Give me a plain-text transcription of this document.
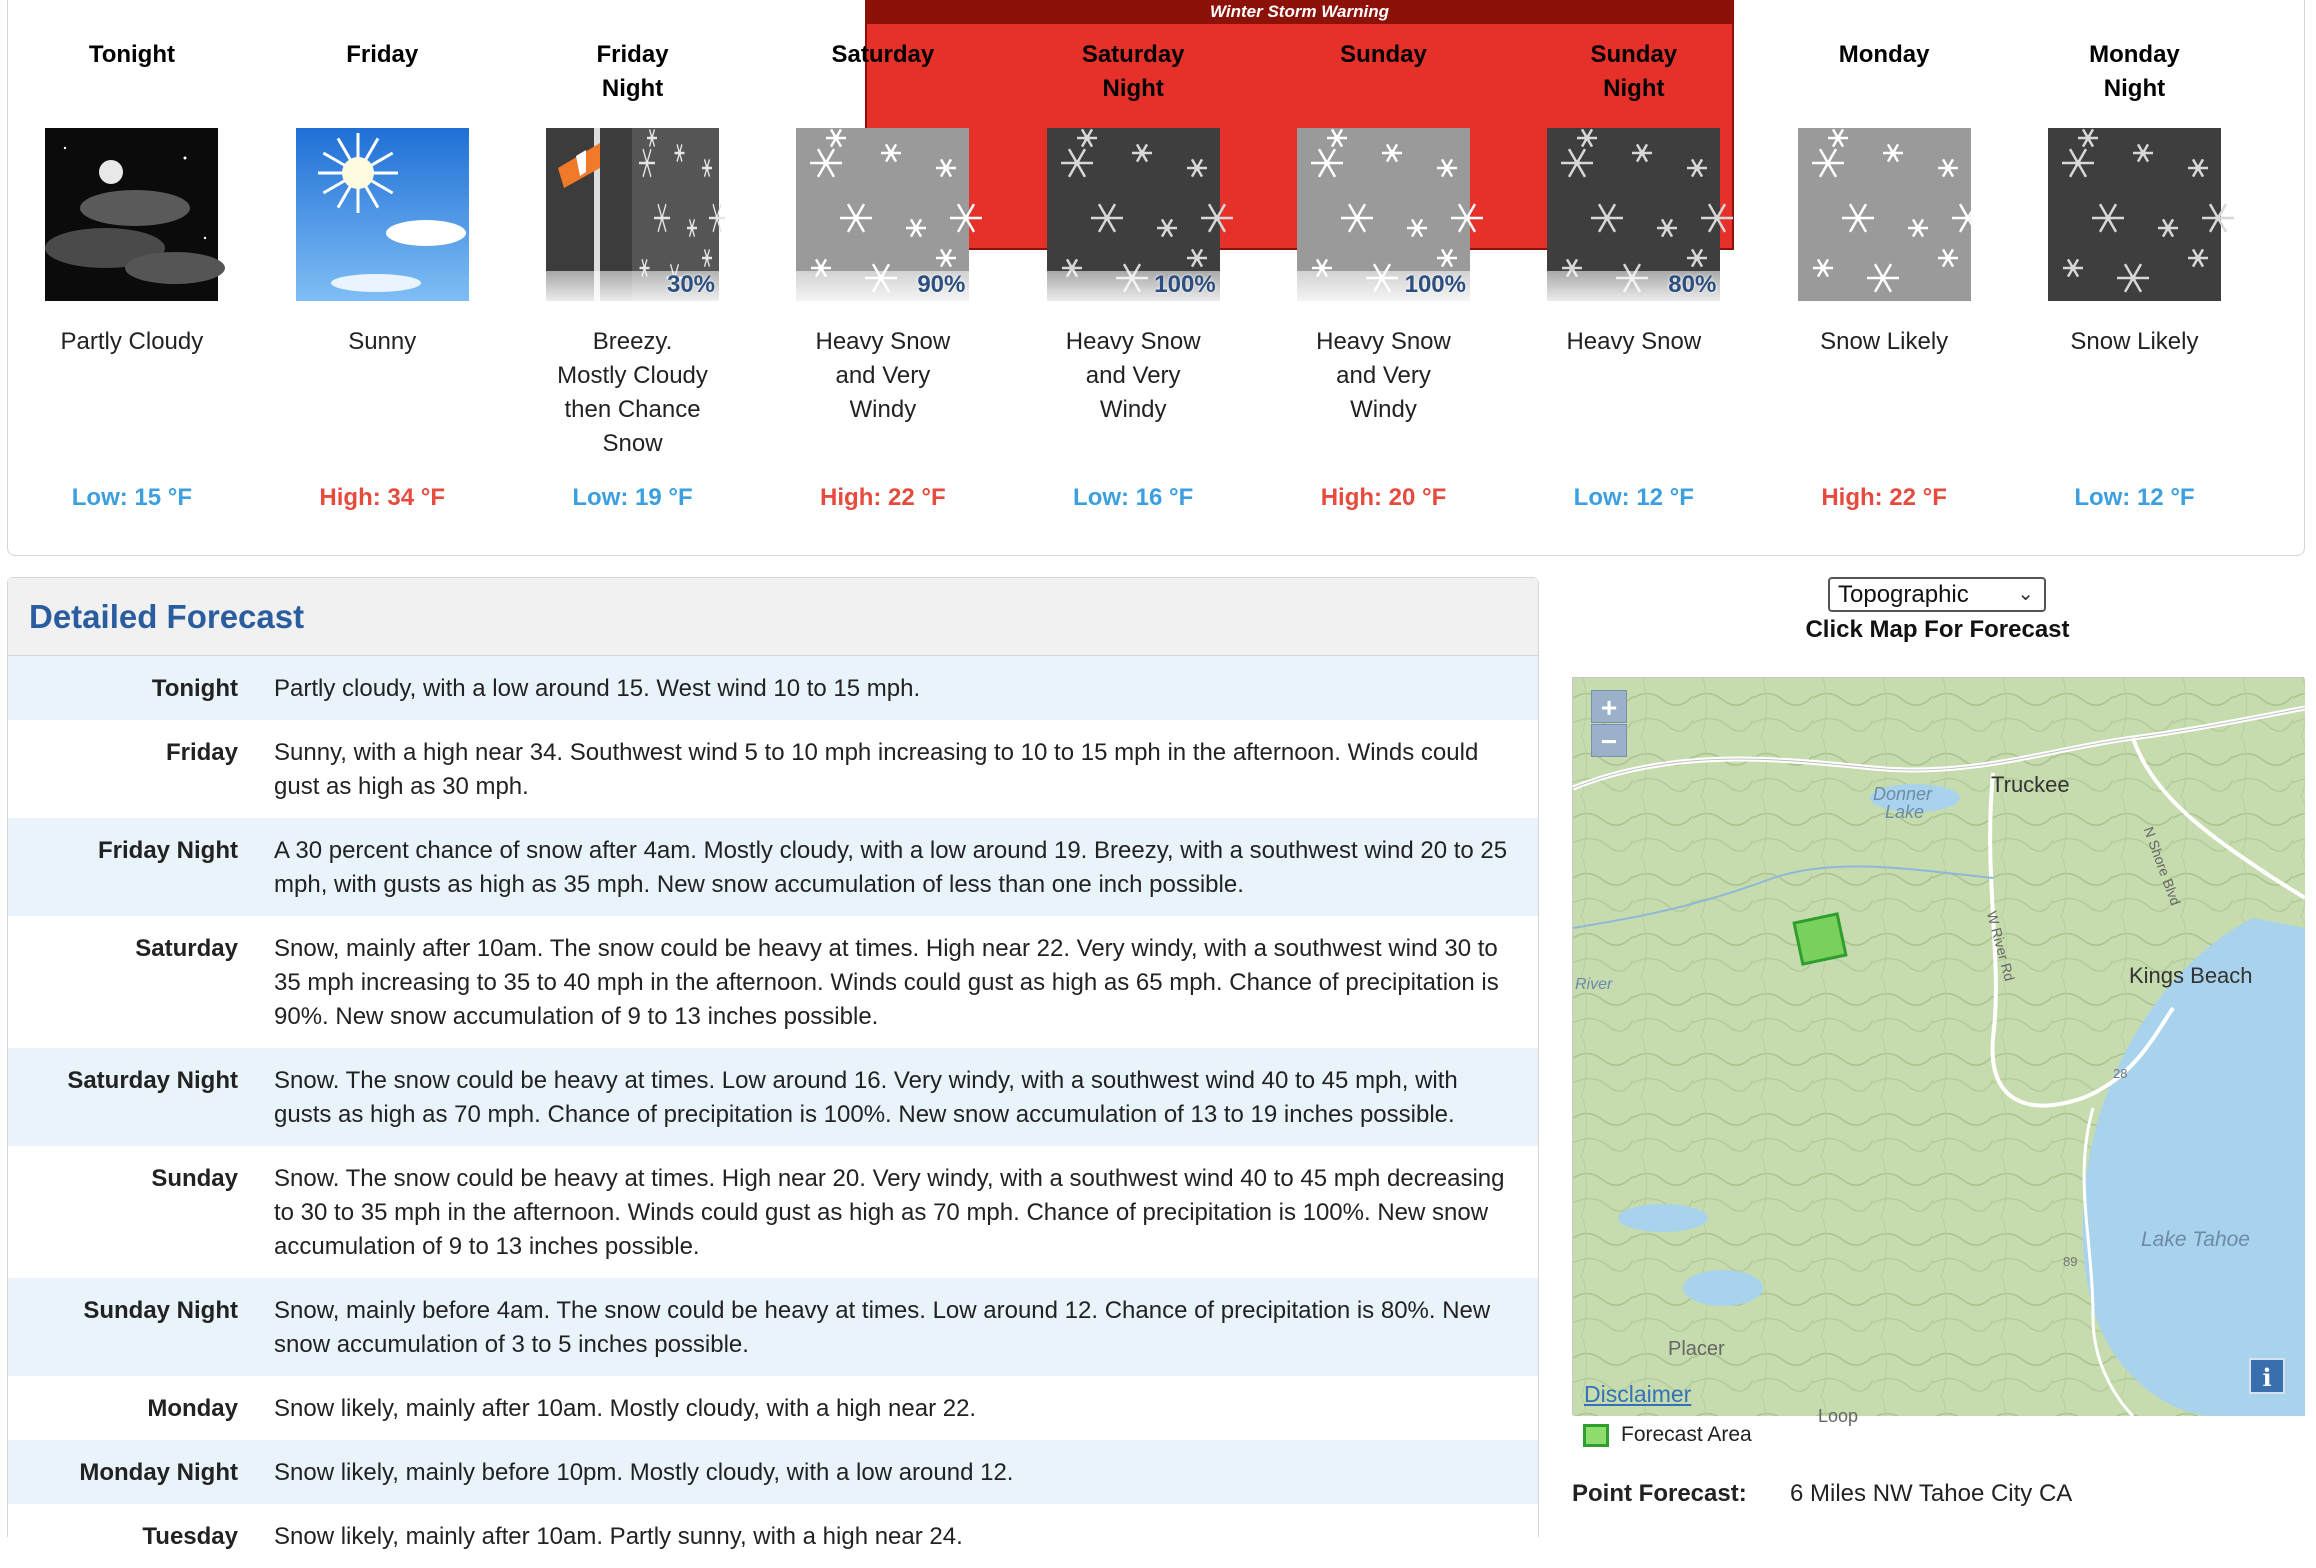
Winter Storm Warning
Tonight
Partly Cloudy
Low: 15 °F
Friday
Sunny
High: 34 °F
Friday
Night
30%
Breezy.
Mostly Cloudy
then Chance
Snow
Low: 19 °F
Saturday
90%
Heavy Snow
and Very
Windy
High: 22 °F
Saturday
Night
100%
Heavy Snow
and Very
Windy
Low: 16 °F
Sunday
100%
Heavy Snow
and Very
Windy
High: 20 °F
Sunday
Night
80%
Heavy Snow
Low: 12 °F
Monday
Snow Likely
High: 22 °F
Monday
Night
Snow Likely
Low: 12 °F
Detailed Forecast
Tonight Partly cloudy, with a low around 15. West wind 10 to 15 mph.
Friday Sunny, with a high near 34. Southwest wind 5 to 10 mph increasing to 10 to 15 mph in the afternoon. Winds could gust as high as 30 mph.
Friday Night A 30 percent chance of snow after 4am. Mostly cloudy, with a low around 19. Breezy, with a southwest wind 20 to 25 mph, with gusts as high as 35 mph. New snow accumulation of less than one inch possible.
Saturday Snow, mainly after 10am. The snow could be heavy at times. High near 22. Very windy, with a southwest wind 30 to 35 mph increasing to 35 to 40 mph in the afternoon. Winds could gust as high as 65 mph. Chance of precipitation is 90%. New snow accumulation of 9 to 13 inches possible.
Saturday Night Snow. The snow could be heavy at times. Low around 16. Very windy, with a southwest wind 40 to 45 mph, with gusts as high as 70 mph. Chance of precipitation is 100%. New snow accumulation of 13 to 19 inches possible.
Sunday Snow. The snow could be heavy at times. High near 20. Very windy, with a southwest wind 40 to 45 mph decreasing to 30 to 35 mph in the afternoon. Winds could gust as high as 70 mph. Chance of precipitation is 100%. New snow accumulation of 9 to 13 inches possible.
Sunday Night Snow, mainly before 4am. The snow could be heavy at times. Low around 12. Chance of precipitation is 80%. New snow accumulation of 3 to 5 inches possible.
Monday Snow likely, mainly after 10am. Mostly cloudy, with a high near 22.
Monday Night Snow likely, mainly before 10pm. Mostly cloudy, with a low around 12.
Tuesday Snow likely, mainly after 10am. Partly sunny, with a high near 24.
Topographic ⌄
Click Map For Forecast
+
−
Truckee
Donner
Lake
Kings Beach
Lake Tahoe
Placer
Loop
River
W River Rd
N Shore Blvd
28
89
Disclaimer
i
Forecast Area
Point Forecast:	6 Miles NW Tahoe City CA
